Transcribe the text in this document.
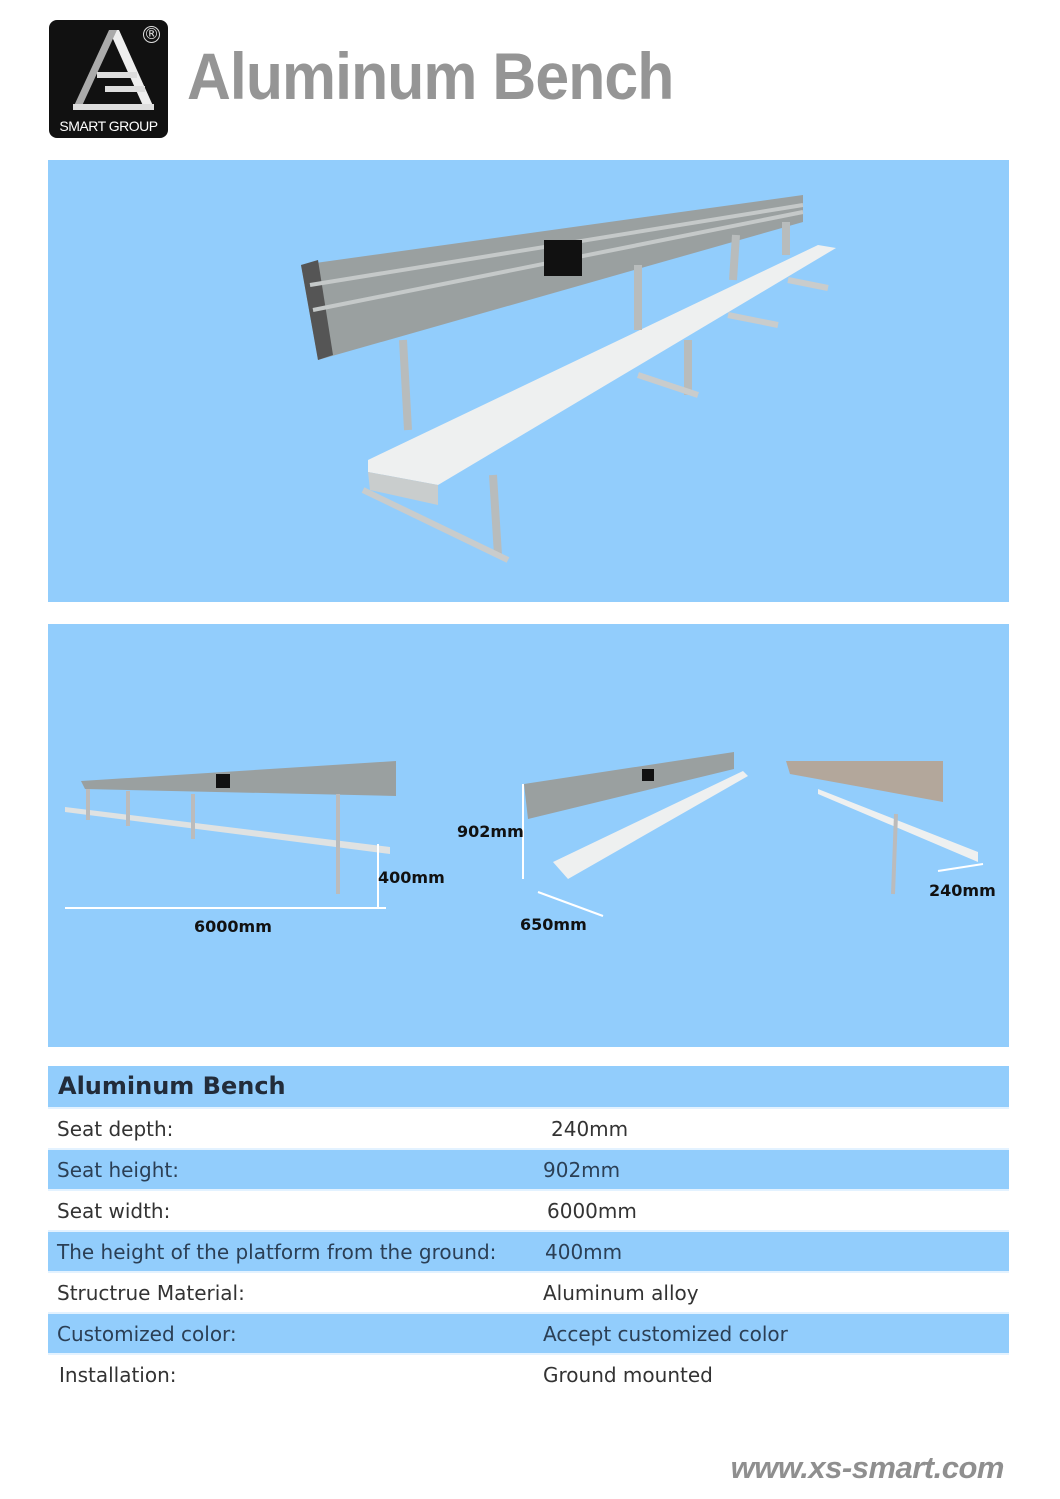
®
SMART GROUP
Aluminum Bench
6000mm
400mm
902mm
650mm
240mm
Aluminum Bench
Seat depth:	240mm
Seat height:	902mm
Seat width:	6000mm
The height of the platform from the ground:	400mm
Structrue Material:	Aluminum alloy
Customized color:	Accept customized color
Installation:	Ground mounted
www.xs-smart.com
